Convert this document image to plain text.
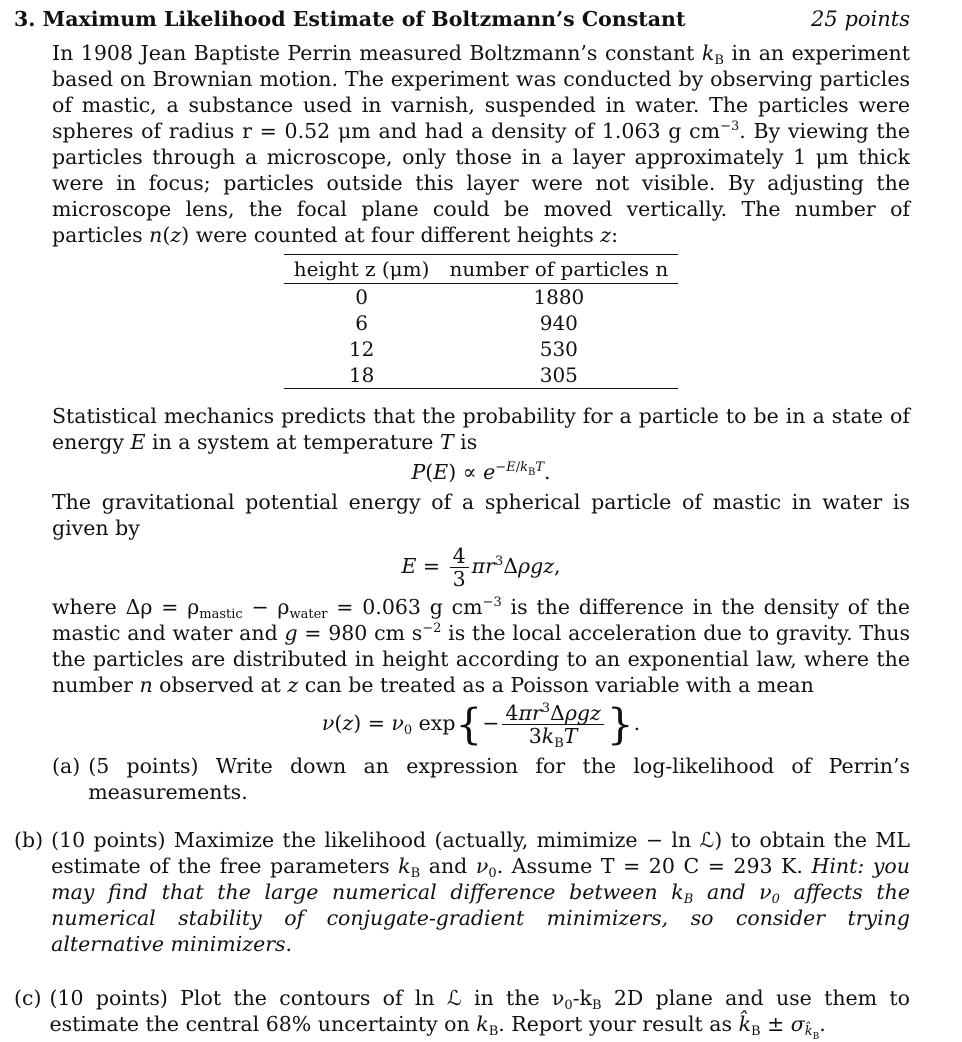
3. Maximum Likelihood Estimate of Boltzmann’s Constant	25 points

In 1908 Jean Baptiste Perrin measured Boltzmann’s constant $k_B$ in an experiment based on Brownian motion. The experiment was conducted by observing particles of mastic, a substance used in varnish, suspended in water. The particles were spheres of radius r = 0.52 μm and had a density of 1.063 g $cm^{-3}$. By viewing the particles through a microscope, only those in a layer approximately 1 μm thick were in focus; particles outside this layer were not visible. By adjusting the microscope lens, the focal plane could be moved vertically. The number of particles n(z) were counted at four different heights z:

height z (μm)	number of particles n
0	1880
6	940
12	530
18	305

Statistical mechanics predicts that the probability for a particle to be in a state of energy E in a system at temperature T is

$P(E) \propto e^{-E/k_BT}$.

The gravitational potential energy of a spherical particle of mastic in water is given by

$E = \frac{4}{3} \pi r^3\Delta\rho gz$,

where $\Delta\rho = \rho_{mastic} - \rho_{water} = 0.063$ g $cm^{-3}$ is the difference in the density of the mastic and water and g = 980 cm $s^{-2}$ is the local acceleration due to gravity. Thus the particles are distributed in height according to an exponential law, where the number n observed at z can be treated as a Poisson variable with a mean

$\nu(z) = \nu_0$ $\exp\{- \frac{4\pi r^3\Delta\rho gz}{3k_BT}$ }.
(a) (5 points) Write down an expression for the log-likelihood of Perrin’s measurements.
(b) (10 points) Maximize the likelihood (actually, mimimize − ln ℒ) to obtain the ML estimate of the free parameters $k_B$ and $\nu_0$. Assume T = 20 C = 293 K. Hint: you may find that the large numerical difference between $k_B$ and $\nu_0$ affects the numerical stability of conjugate-gradient minimizers, so consider trying alternative minimizers.
(c) (10 points) Plot the contours of ln ℒ in the $\nu_0-k_B$ 2D plane and use them to estimate the central 68% uncertainty on $k_B$. Report your result as $k̂_B \pm \sigma_{k̂_B}$.
